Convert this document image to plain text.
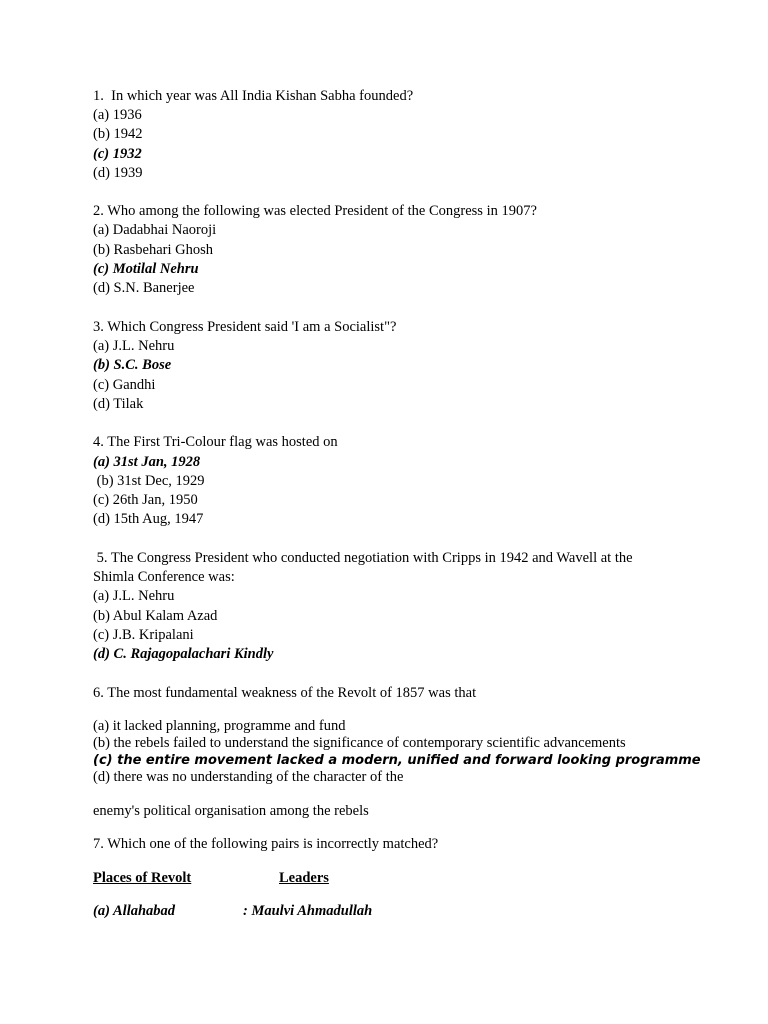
1.  In which year was All India Kishan Sabha founded?
(a) 1936
(b) 1942
(c) 1932
(d) 1939
2. Who among the following was elected President of the Congress in 1907?
(a) Dadabhai Naoroji
(b) Rasbehari Ghosh
(c) Motilal Nehru
(d) S.N. Banerjee
3. Which Congress President said 'I am a Socialist"?
(a) J.L. Nehru
(b) S.C. Bose
(c) Gandhi
(d) Tilak
4. The First Tri-Colour flag was hosted on
(a) 31st Jan, 1928
(b) 31st Dec, 1929
(c) 26th Jan, 1950
(d) 15th Aug, 1947
5. The Congress President who conducted negotiation with Cripps in 1942 and Wavell at the
Shimla Conference was:
(a) J.L. Nehru
(b) Abul Kalam Azad
(c) J.B. Kripalani
(d) C. Rajagopalachari Kindly
6. The most fundamental weakness of the Revolt of 1857 was that
(a) it lacked planning, programme and fund
(b) the rebels failed to understand the significance of contemporary scientific advancements
(c) the entire movement lacked a modern, unified and forward looking programme
(d) there was no understanding of the character of the
enemy's political organisation among the rebels
7. Which one of the following pairs is incorrectly matched?
Places of Revolt	Leaders
(a) Allahabad	: Maulvi Ahmadullah
